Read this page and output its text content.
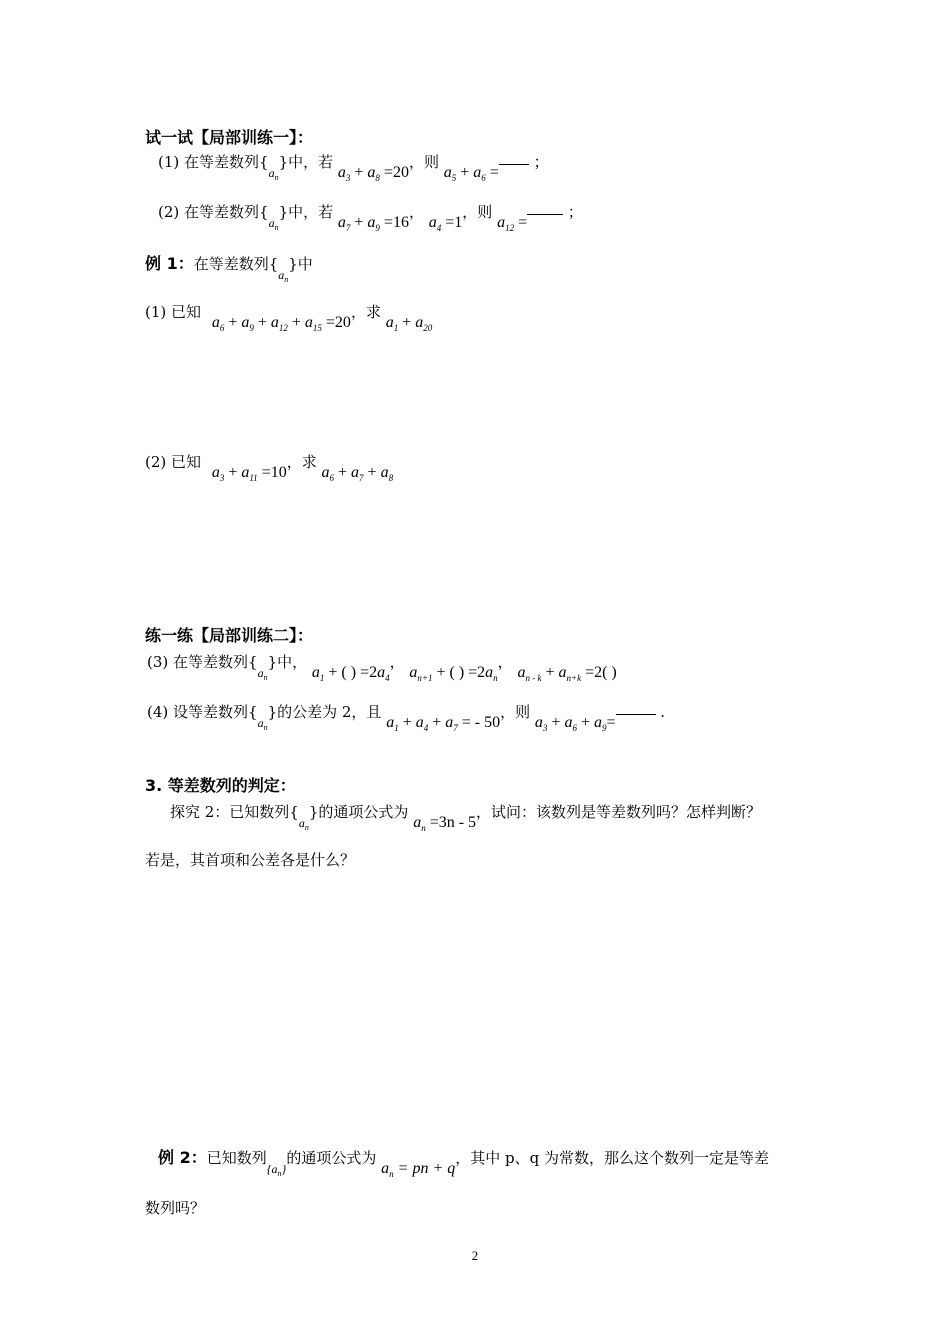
试一试【局部训练一】：
(1) 在等差数列$\{_{a_n}\}$中，若 $a_3 + a_8 =20$，则 $a_5 + a_6$ = ；
(2) 在等差数列$\{_{a_n}\}$中，若 $a_7 + a_9 =16$， $a_4 =1$，则 $a_{12}$ = ；
例 1：在等差数列$\{_{a_n}\}$中
(1) 已知 $a_6 + a_9 + a_{12} + a_{15} =20$，求 $a_1 + a_{20}$
(2) 已知 $a_3 + a_{11} =10$，求 $a_6 + a_7 + a_8$
练一练【局部训练二】：
(3) 在等差数列$\{_{a_n}\}$中， $a_1$ + ( ) $=2a_4$， $a_{n+1}$ + ( ) $=2a_n$， $a_{n - k} + a_{n+k} =2$( )
(4) 设等差数列$\{_{a_n}\}$的公差为 2，且 $a_1 + a_4 + a_7$ = - 50，则 $a_3 + a_6 + a_9=$ .
3. 等差数列的判定：
探究 2：已知数列$\{_{a_n}\}$的通项公式为 $a_n =3n - 5$，试问：该数列是等差数列吗？怎样判断？
若是，其首项和公差各是什么？
例 2：已知数列$_{\{a_n\}}$的通项公式为 $a_n$ = pn + q，其中 p、q 为常数，那么这个数列一定是等差
数列吗？
2
